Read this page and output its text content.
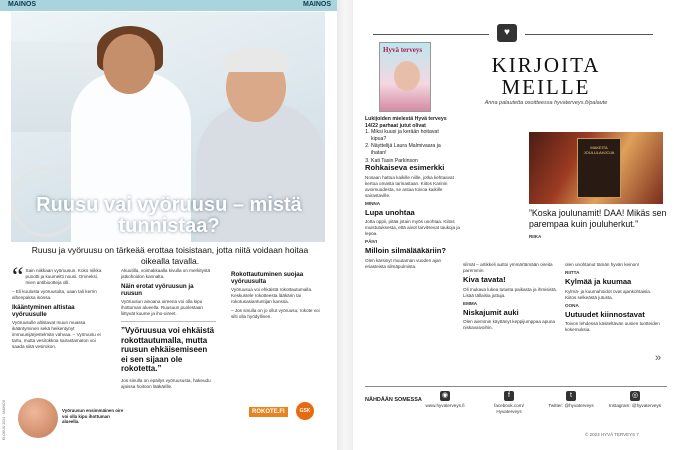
MAINOS	MAINOS
Ruusu vai vyöruusu – mistä tunnistaa?
Ruusu ja vyöruusu on tärkeää erottaa toisistaan, jotta niitä voidaan hoitaa oikealla tavalla.

“ Sain niikkaan vyöruusun. Koko niikka punotti ja kuumeitti nousi. Omneksi, mien antibiootteja olli.

– Eli kuulosta vyöruusulta, uaan tali kerrin alhenpaksa isonsa.

Ikääntyminen altistaa vyöruusulle

Vyöruusulle altistavat muun muassa ikääntyminen sekä heikentynyt immuunijärjestelmän vahvaa. – Vyöruusu ei tartu, mutta vesirokkoa sairastamaton voi saada siitä vesirokon.

Akuutilla, voimakkaalla kivulla on merkitystä jatkohoidon kannalta.

Näin erotat vyöruusun ja ruusun

Vyöruusun ainoana oireena voi olla kipu ihottuman alueella. Ruusuun puolestaan liittyvät kuume ja iho-oireet.

”Vyöruusua voi ehkäistä rokottautumalla, mutta ruusun ehkäisemiseen ei sen sijaan ole rokotetta.”

Jos sinulla on epäilys vyöruususta, hakeudu ajoissa hoitoon lääkärille.

Rokottautuminen suojaa vyöruusulta

Vyöruusua voi ehkäistä rokottautumalla. Keskustele rokotteesta lääkärin tai rokotusasiantuntijan kanssa.

– Jos sinulla on jo ollut vyöruusu, rokote voi silti olla hyödyllinen.

Vyöruusun ensimmäinen oire voi olla kipu ihottuman alueella.
ELOKUU 2024 · MAINOS	ROKOTE.FI	GSK
♥
Hyvä terveys
Lukijoiden mielestä Hyvä terveys 14/22 parhaat jutut olivat
1. Miksi kuusi ja kerään hoitavat kipua?
2. Näyttelijä Laura Malmivaara ja ihatan!
3. Kati Tasin Parkinson
KIRJOITA MEILLE
Anna palautetta osoitteessa hyvaterveys.fi/palaute
MAKEITA JOULULAHJOJA
”Koska joulunamit! DAA! Mikäs sen parempaa kuin jouluherkut.”
RIIKA
Rohkaiseva esimerkki

Nosaan hattua kaikille niille, jotka kehtaavat kertoa omasta tarinastaan. Kiitos Karinin avoimuudesta, se antaa toivoa kaikille sairastaville.

MINNA

Lupa unohtaa

Jotta oppii, pitää jotain myös unohtaa. Kiitos muistutuksesta, että aivot tarvitsevat taukoja ja lepoa.

PÄIVI

Milloin silmälääkäriin?

Olen kärsinyt muutaman vuoden ajan eriasteista silmäpulmista.	silmät – artikkeli auttoi ymmärtämään oireita paremmin.

Kiva tavata!

Oli mukava lukea tutusta paikasta ja ihmisistä. Lisää tällaisia juttuja.

EMMA

Niskajumit auki

Olen aiemmin käyttänyt keppijumppaa apuna niskavaivoihin.

olen unohtanut tämän hyvän keinon!

RIITTA

Kylmää ja kuumaa

Kylmä- ja kuumahoidot ovat ajankohtaisia. Kiitos selkeästä jutusta.

OONA

Uutuudet kiinnostavat

Toivon lehdessä käsiteltävän uusien tuotteiden kokemuksia.

»
NÄHDÄÄN SOMESSA
◉
www.hyvaterveys.fi
f
facebook.com/ Hyvaterveys
t
Twitter: @hyvaterveys
◎
Instagram: @hyvaterveys
© 2023 HYVÄ TERVEYS 7
